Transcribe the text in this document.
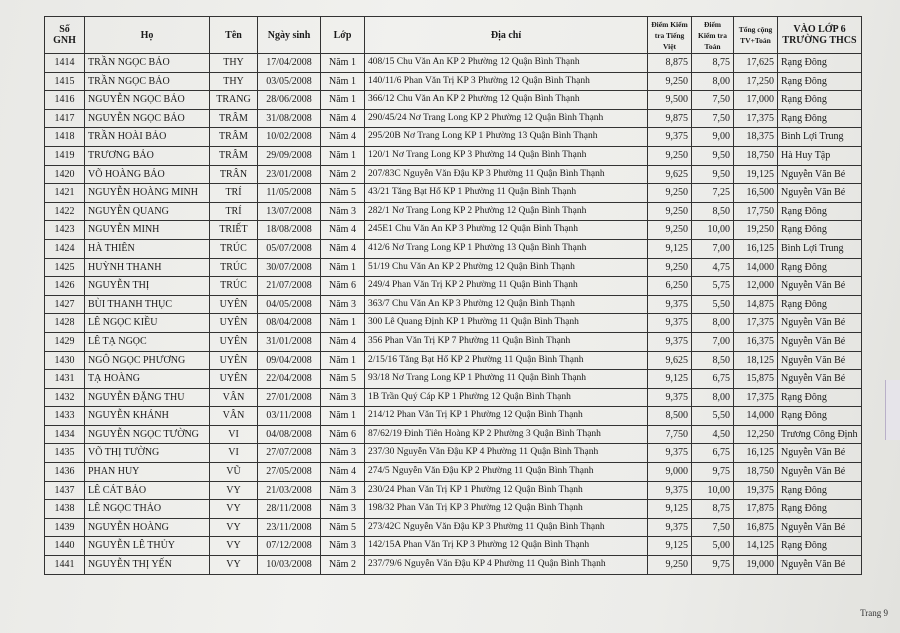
Số GNH	Họ	Tên	Ngày sinh	Lớp	Địa chỉ	Điểm Kiểm tra Tiếng Việt	Điểm Kiểm tra Toán	Tổng cộng TV+Toán	VÀO LỚP 6 TRƯỜNG THCS
1414	TRẦN NGỌC BẢO	THY	17/04/2008	Năm 1	408/15 Chu Văn An KP 2 Phường 12 Quận Bình Thạnh	8,875	8,75	17,625	Rạng Đông
1415	TRẦN NGỌC BẢO	THY	03/05/2008	Năm 1	140/11/6 Phan Văn Trị KP 3 Phường 12 Quận Bình Thạnh	9,250	8,00	17,250	Rạng Đông
1416	NGUYỄN NGỌC BẢO	TRANG	28/06/2008	Năm 1	366/12 Chu Văn An KP 2 Phường 12 Quận Bình Thạnh	9,500	7,50	17,000	Rạng Đông
1417	NGUYỄN NGỌC BẢO	TRÂM	31/08/2008	Năm 4	290/45/24 Nơ Trang Long KP 2 Phường 12 Quận Bình Thạnh	9,875	7,50	17,375	Rạng Đông
1418	TRẦN HOÀI BẢO	TRÂM	10/02/2008	Năm 4	295/20B Nơ Trang Long KP 1 Phường 13 Quận Bình Thạnh	9,375	9,00	18,375	Bình Lợi Trung
1419	TRƯƠNG BẢO	TRÂM	29/09/2008	Năm 1	120/1 Nơ Trang Long KP 3 Phường 14 Quận Bình Thạnh	9,250	9,50	18,750	Hà Huy Tập
1420	VÕ HOÀNG BẢO	TRÂN	23/01/2008	Năm 2	207/83C Nguyễn Văn Đậu KP 3 Phường 11 Quận Bình Thạnh	9,625	9,50	19,125	Nguyễn Văn Bé
1421	NGUYỄN HOÀNG MINH	TRÍ	11/05/2008	Năm 5	43/21 Tăng Bạt Hổ KP 1 Phường 11 Quận Bình Thạnh	9,250	7,25	16,500	Nguyễn Văn Bé
1422	NGUYỄN QUANG	TRÍ	13/07/2008	Năm 3	282/1 Nơ Trang Long KP 2 Phường 12 Quận Bình Thạnh	9,250	8,50	17,750	Rạng Đông
1423	NGUYỄN MINH	TRIẾT	18/08/2008	Năm 4	245E1 Chu Văn An KP 3 Phường 12 Quận Bình Thạnh	9,250	10,00	19,250	Rạng Đông
1424	HÀ THIÊN	TRÚC	05/07/2008	Năm 4	412/6 Nơ Trang Long KP 1 Phường 13 Quận Bình Thạnh	9,125	7,00	16,125	Bình Lợi Trung
1425	HUỲNH THANH	TRÚC	30/07/2008	Năm 1	51/19 Chu Văn An KP 2 Phường 12 Quận Bình Thạnh	9,250	4,75	14,000	Rạng Đông
1426	NGUYỄN THỊ	TRÚC	21/07/2008	Năm 6	249/4 Phan Văn Trị KP 2 Phường 11 Quận Bình Thạnh	6,250	5,75	12,000	Nguyễn Văn Bé
1427	BÙI THANH THỤC	UYÊN	04/05/2008	Năm 3	363/7 Chu Văn An KP 3 Phường 12 Quận Bình Thạnh	9,375	5,50	14,875	Rạng Đông
1428	LÊ NGỌC KIỀU	UYÊN	08/04/2008	Năm 1	300 Lê Quang Định KP 1 Phường 11 Quận Bình Thạnh	9,375	8,00	17,375	Nguyễn Văn Bé
1429	LÊ TẠ NGỌC	UYÊN	31/01/2008	Năm 4	356 Phan Văn Trị KP 7 Phường 11 Quận Bình Thạnh	9,375	7,00	16,375	Nguyễn Văn Bé
1430	NGÔ NGỌC PHƯƠNG	UYÊN	09/04/2008	Năm 1	2/15/16 Tăng Bạt Hổ KP 2 Phường 11 Quận Bình Thạnh	9,625	8,50	18,125	Nguyễn Văn Bé
1431	TẠ HOÀNG	UYÊN	22/04/2008	Năm 5	93/18 Nơ Trang Long KP 1 Phường 11 Quận Bình Thạnh	9,125	6,75	15,875	Nguyễn Văn Bé
1432	NGUYỄN ĐẶNG THU	VÂN	27/01/2008	Năm 3	1B Trần Quý Cáp KP 1 Phường 12 Quận Bình Thạnh	9,375	8,00	17,375	Rạng Đông
1433	NGUYỄN KHÁNH	VÂN	03/11/2008	Năm 1	214/12 Phan Văn Trị KP 1 Phường 12 Quận Bình Thạnh	8,500	5,50	14,000	Rạng Đông
1434	NGUYỄN NGỌC TƯỜNG	VI	04/08/2008	Năm 6	87/62/19 Đinh Tiên Hoàng KP 2 Phường 3 Quận Bình Thạnh	7,750	4,50	12,250	Trương Công Định
1435	VÕ THỊ TƯỜNG	VI	27/07/2008	Năm 3	237/30 Nguyễn Văn Đậu KP 4 Phường 11 Quận Bình Thạnh	9,375	6,75	16,125	Nguyễn Văn Bé
1436	PHAN HUY	VŨ	27/05/2008	Năm 4	274/5 Nguyễn Văn Đậu KP 2 Phường 11 Quận Bình Thạnh	9,000	9,75	18,750	Nguyễn Văn Bé
1437	LÊ CÁT BẢO	VY	21/03/2008	Năm 3	230/24 Phan Văn Trị KP 1 Phường 12 Quận Bình Thạnh	9,375	10,00	19,375	Rạng Đông
1438	LÊ NGỌC THẢO	VY	28/11/2008	Năm 3	198/32 Phan Văn Trị KP 3 Phường 12 Quận Bình Thạnh	9,125	8,75	17,875	Rạng Đông
1439	NGUYỄN HOÀNG	VY	23/11/2008	Năm 5	273/42C Nguyễn Văn Đậu KP 3 Phường 11 Quận Bình Thạnh	9,375	7,50	16,875	Nguyễn Văn Bé
1440	NGUYỄN LÊ THỦY	VY	07/12/2008	Năm 3	142/15A Phan Văn Trị KP 3 Phường 12 Quận Bình Thạnh	9,125	5,00	14,125	Rạng Đông
1441	NGUYỄN THỊ YẾN	VY	10/03/2008	Năm 2	237/79/6 Nguyễn Văn Đậu KP 4 Phường 11 Quận Bình Thạnh	9,250	9,75	19,000	Nguyễn Văn Bé
Trang 9
